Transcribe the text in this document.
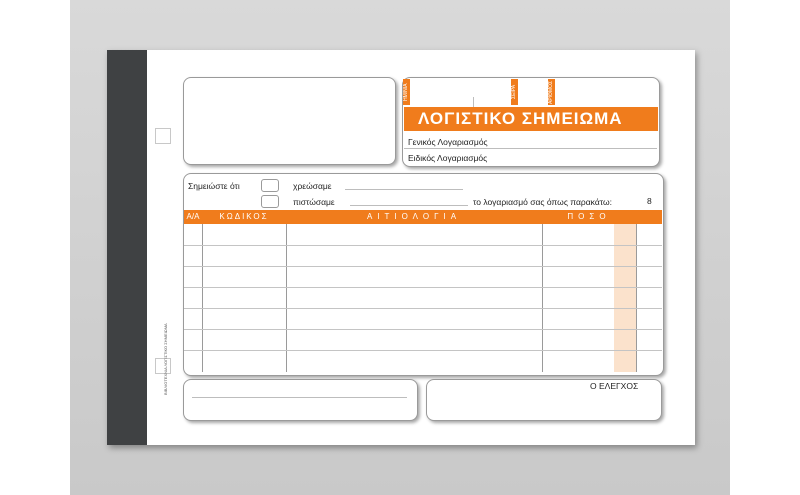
ΒΙΒΛΙΟΤΕΧΝΙΑ ΛΟΓΙΣΤΙΚΟ ΣΗΜΕΙΩΜΑ
ΗΜ/ΝΙΑ	ΣΕΙΡΑ	ΑΡΙΘΜΟΣ
ΛΟΓΙΣΤΙΚΟ ΣΗΜΕΙΩΜΑ
Γενικός Λογαριασμός
Ειδικός Λογαριασμός
Σημειώστε ότι	χρεώσαμε
πιστώσαμε	το λογαριασμό σας όπως παρακάτω:	8
Α/Α	ΚΩΔΙΚΟΣ	ΑΙΤΙΟΛΟΓΙΑ	ΠΟΣΟ
Ο ΕΛΕΓΧΟΣ
